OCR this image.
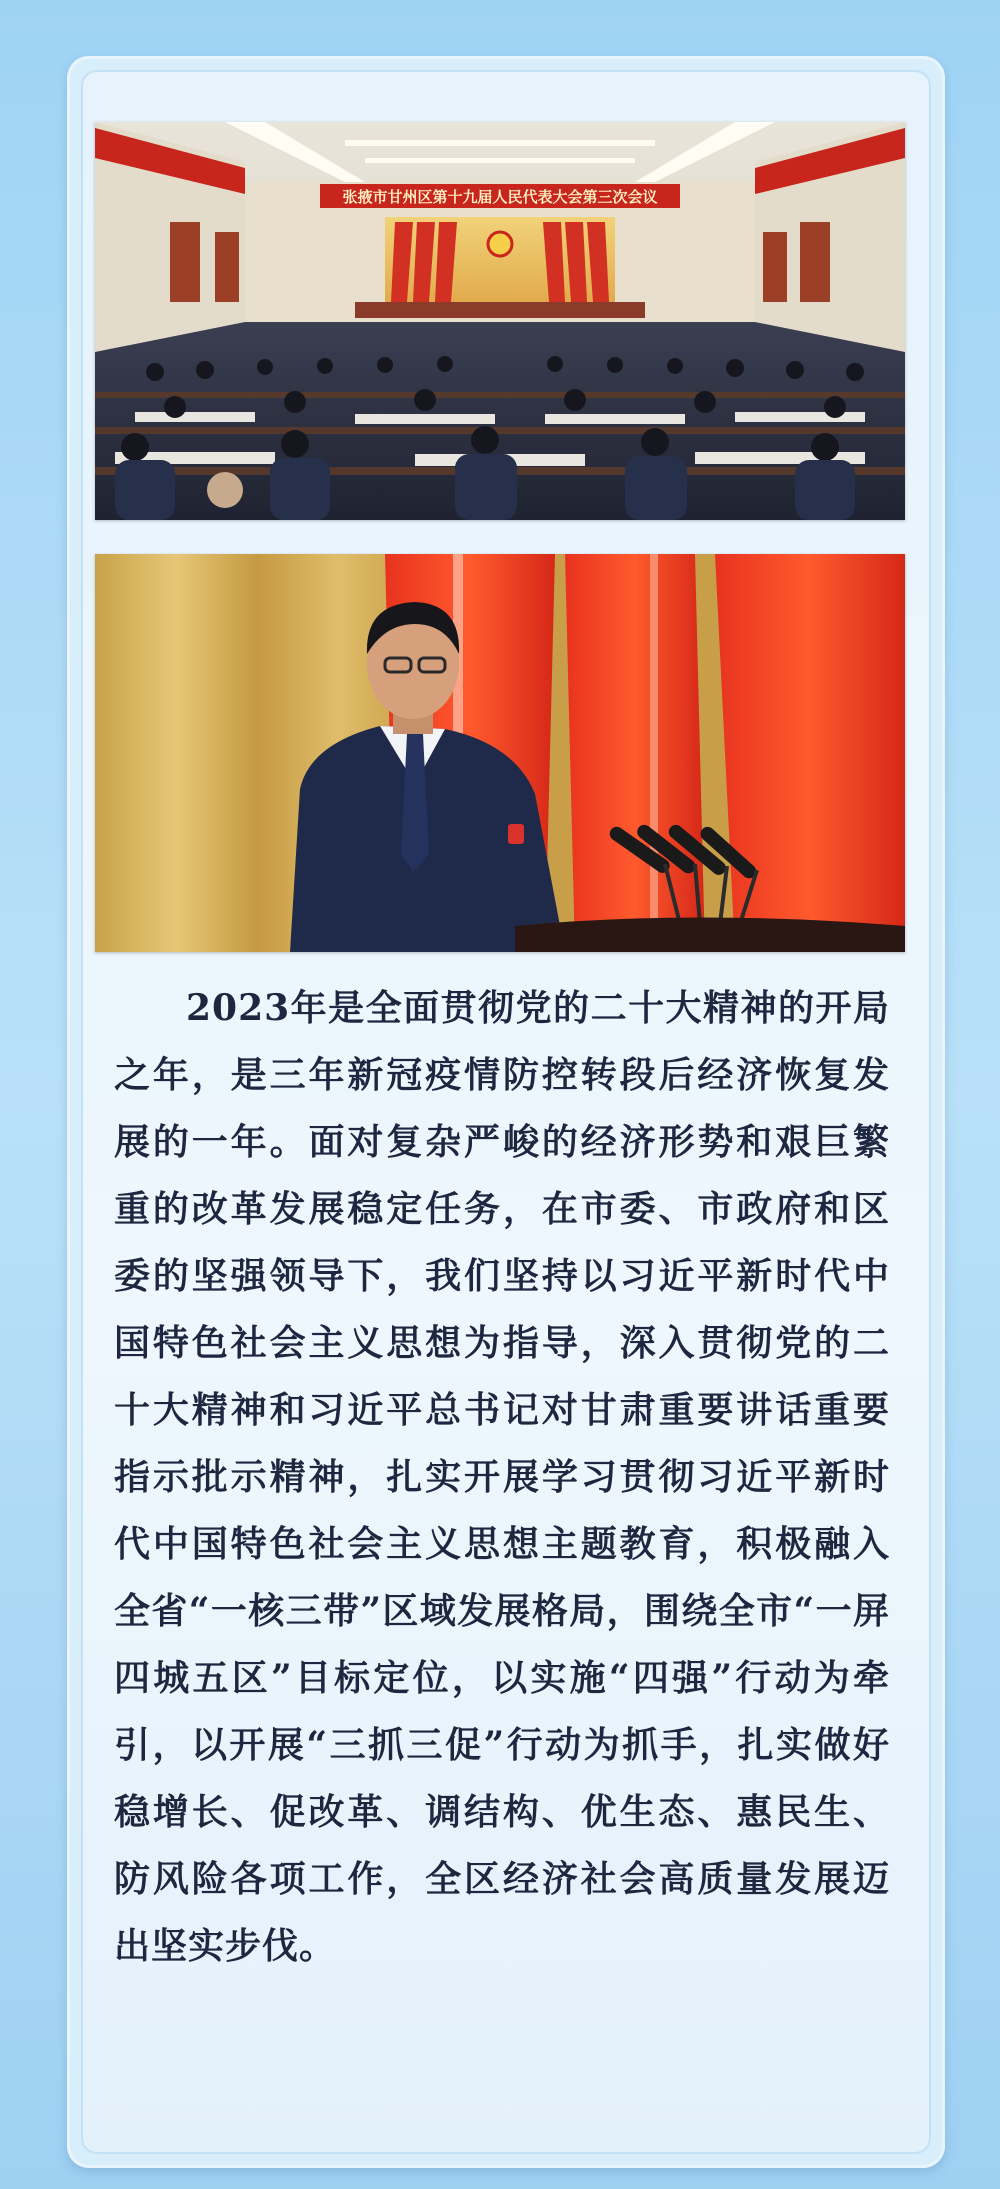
张掖市甘州区第十九届人民代表大会第三次会议

2023年是全面贯彻党的二十大精神的开局之年，是三年新冠疫情防控转段后经济恢复发展的一年。面对复杂严峻的经济形势和艰巨繁重的改革发展稳定任务，在市委、市政府和区委的坚强领导下，我们坚持以习近平新时代中国特色社会主义思想为指导，深入贯彻党的二十大精神和习近平总书记对甘肃重要讲话重要指示批示精神，扎实开展学习贯彻习近平新时代中国特色社会主义思想主题教育，积极融入全省“一核三带”区域发展格局，围绕全市“一屏四城五区”目标定位，以实施“四强”行动为牵引，以开展“三抓三促”行动为抓手，扎实做好稳增长、促改革、调结构、优生态、惠民生、防风险各项工作，全区经济社会高质量发展迈出坚实步伐。
